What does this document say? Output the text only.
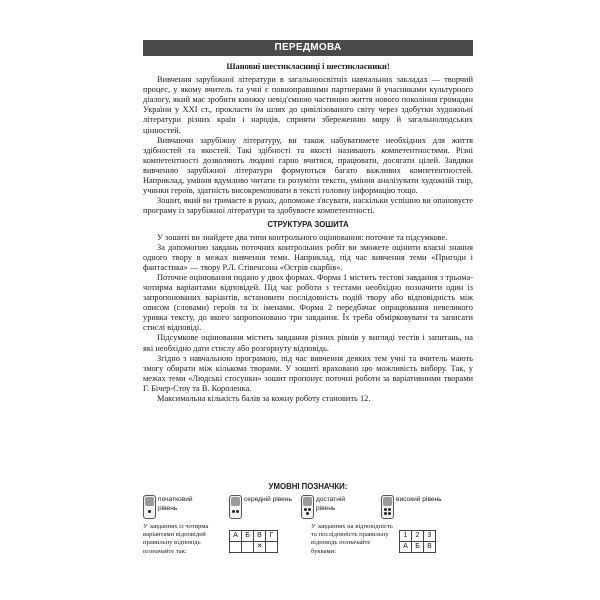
ПЕРЕДМОВА
Шановні шестикласниці і шестикласники!

Вивчення зарубіжної літератури в загальноосвітніх навчальних закладах — творчий процес, у якому вчитель та учні є повноправними партнерами й учасниками культурного діалогу, який має зробити книжку невід'ємною частиною життя нового покоління громадян України у XXI ст., прокласти їм шлях до цивілізованого світу через здобутки художньої літератури різних країн і народів, сприяти збереженню миру й загальнолюдських цінностей.

Вивчаючи зарубіжну літературу, ви також набуватимете необхідних для життя здібностей та якостей. Такі здібності та якості називають компетентностями. Різні компетентності дозволяють людині гарно вчитися, працювати, досягати цілей. Завдяки вивченню зарубіжної літератури формуються багато важливих компетентностей. Наприклад, уміння вдумливо читати та розуміти тексти, уміння аналізувати художній твір, учинки героїв, здатність високремлювати в тексті головну інформацію тощо.

Зошит, який ви тримаєте в руках, допоможе з'ясувати, наскільки успішно ви опановуєте програму із зарубіжної літератури та здобуваєте компетентності.

СТРУКТУРА ЗОШИТА

У зошиті ви знайдете два типи контрольного оцінювання: поточне та підсумкове.

За допомогою завдань поточних контрольних робіт ви зможете оцінити власні знання одного твору в межах вивчення теми. Наприклад, під час вивчення теми «Пригоди і фантастика» — твору Р.Л. Стівенсона «Острів скарбів».

Поточне оцінювання подано у двох формах. Форма 1 містить тестові завдання з трьома-чотирма варіантами відповідей. Під час роботи з тестами необхідно позначити один із запропонованих варіантів, встановити послідовність подій твору або відповідність між описом (словами) героїв та їх іменами. Форма 2 передбачає опрацювання невеликого уривка тексту, до якого запропоновано три завдання. Їх треба обмірковувати та записати стислі відповіді.

Підсумкове оцінювання містить завдання різних рівнів у вигляді тестів і запитань, на які необхідно дати стислу або розгорнуту відповідь.

Згідно з навчальною програмою, під час вивчення деяких тем учні та вчитель мають змогу обирати між кількома творами. У зошиті враховано цю можливість вибору. Так, у межах теми «Людські стосунки» зошит пропонує поточні роботи за варіативними творами Г. Бічер-Стоу та В. Короленка.

Максимальна кількість балів за кожну роботу становить 12.

УМОВНІ ПОЗНАЧКИ:
початковий рівень
середній рівень	достатній рівень
високий рівень
У завданнях із чотирма варіантами відповідей правильну відповідь позначайте так:
А	Б	В	Г
		✕	
У завданнях на відповідність та послідовність правильну відповідь позначайте буквами:
1	2	3
А	Б	В
